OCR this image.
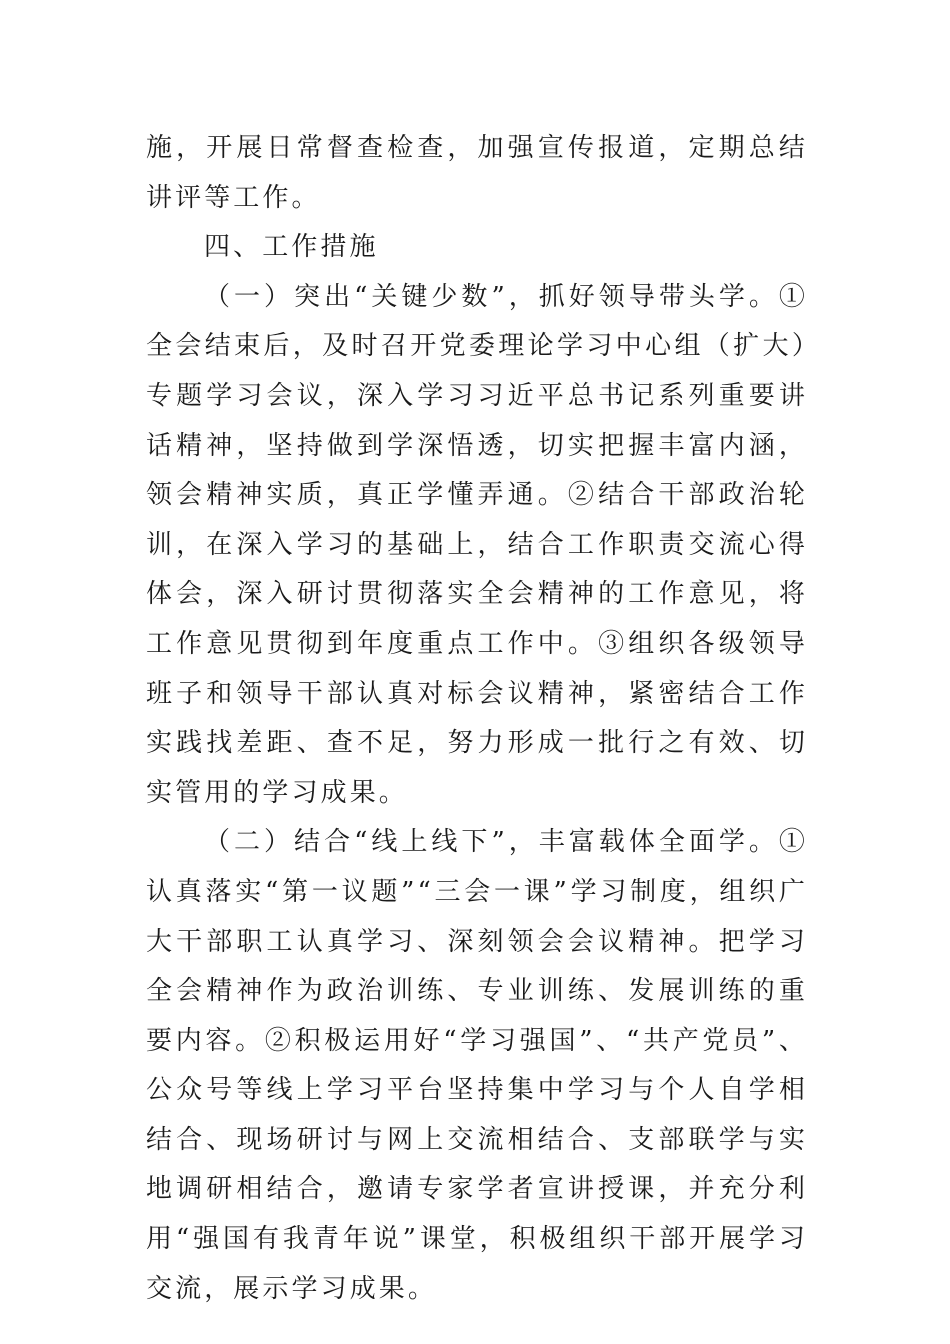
施，开展日常督查检查，加强宣传报道，定期总结讲评等工作。

四、工作措施

（一）突出“关键少数”，抓好领导带头学。①全会结束后，及时召开党委理论学习中心组（扩大）专题学习会议，深入学习习近平总书记系列重要讲话精神，坚持做到学深悟透，切实把握丰富内涵，领会精神实质，真正学懂弄通。②结合干部政治轮训，在深入学习的基础上，结合工作职责交流心得体会，深入研讨贯彻落实全会精神的工作意见，将工作意见贯彻到年度重点工作中。③组织各级领导班子和领导干部认真对标会议精神，紧密结合工作实践找差距、查不足，努力形成一批行之有效、切实管用的学习成果。

（二）结合“线上线下”，丰富载体全面学。①认真落实“第一议题”“三会一课”学习制度，组织广大干部职工认真学习、深刻领会会议精神。把学习全会精神作为政治训练、专业训练、发展训练的重要内容。②积极运用好“学习强国”、“共产党员”、公众号等线上学习平台坚持集中学习与个人自学相结合、现场研讨与网上交流相结合、支部联学与实地调研相结合，邀请专家学者宣讲授课，并充分利用“强国有我青年说”课堂，积极组织干部开展学习交流，展示学习成果。
